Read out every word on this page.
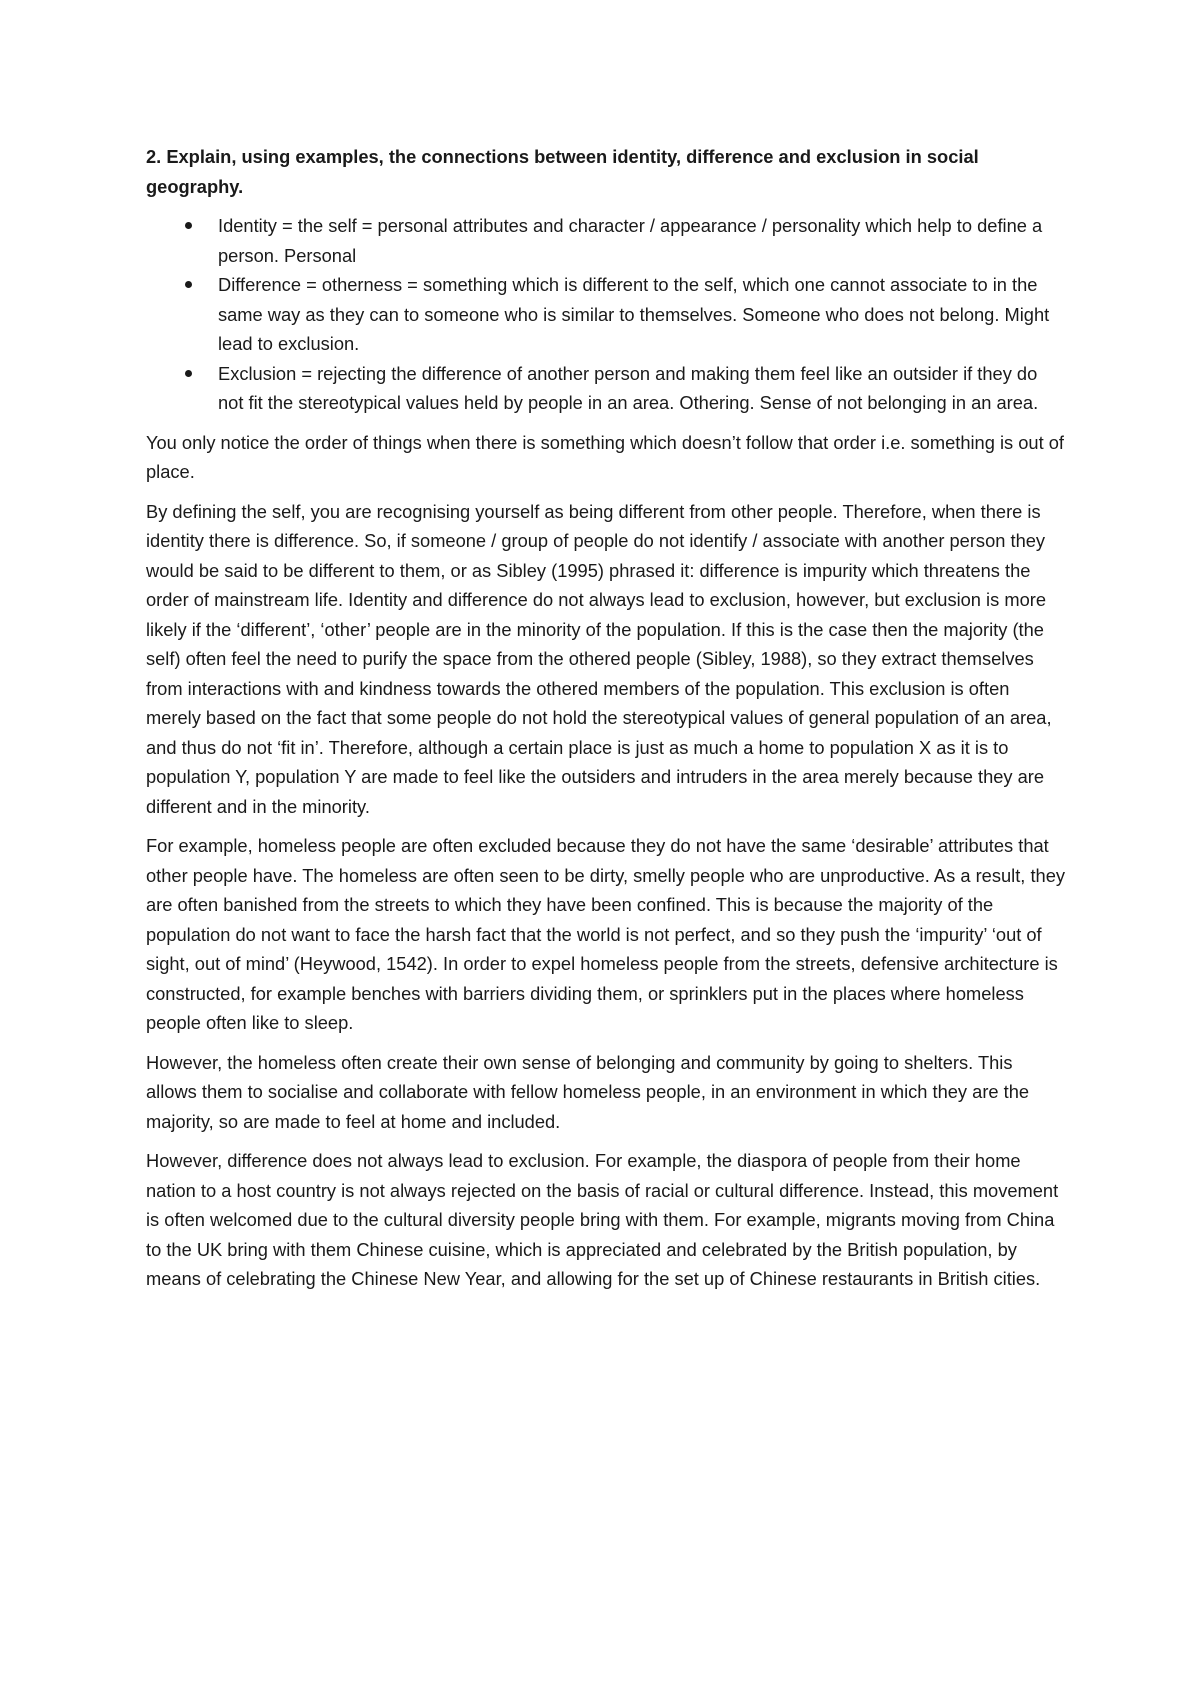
2. Explain, using examples, the connections between identity, difference and exclusion in social geography.

Identity = the self = personal attributes and character / appearance / personality which help to define a person. Personal
Difference = otherness = something which is different to the self, which one cannot associate to in the same way as they can to someone who is similar to themselves. Someone who does not belong. Might lead to exclusion.
Exclusion = rejecting the difference of another person and making them feel like an outsider if they do not fit the stereotypical values held by people in an area. Othering. Sense of not belonging in an area.

You only notice the order of things when there is something which doesn’t follow that order i.e. something is out of place.

By defining the self, you are recognising yourself as being different from other people. Therefore, when there is identity there is difference. So, if someone / group of people do not identify / associate with another person they would be said to be different to them, or as Sibley (1995) phrased it: difference is impurity which threatens the order of mainstream life. Identity and difference do not always lead to exclusion, however, but exclusion is more likely if the ‘different’, ‘other’ people are in the minority of the population. If this is the case then the majority (the self) often feel the need to purify the space from the othered people (Sibley, 1988), so they extract themselves from interactions with and kindness towards the othered members of the population. This exclusion is often merely based on the fact that some people do not hold the stereotypical values of general population of an area, and thus do not ‘fit in’. Therefore, although a certain place is just as much a home to population X as it is to population Y, population Y are made to feel like the outsiders and intruders in the area merely because they are different and in the minority.

For example, homeless people are often excluded because they do not have the same ‘desirable’ attributes that other people have. The homeless are often seen to be dirty, smelly people who are unproductive. As a result, they are often banished from the streets to which they have been confined. This is because the majority of the population do not want to face the harsh fact that the world is not perfect, and so they push the ‘impurity’ ‘out of sight, out of mind’ (Heywood, 1542). In order to expel homeless people from the streets, defensive architecture is constructed, for example benches with barriers dividing them, or sprinklers put in the places where homeless people often like to sleep.

However, the homeless often create their own sense of belonging and community by going to shelters. This allows them to socialise and collaborate with fellow homeless people, in an environment in which they are the majority, so are made to feel at home and included.

However, difference does not always lead to exclusion. For example, the diaspora of people from their home nation to a host country is not always rejected on the basis of racial or cultural difference. Instead, this movement is often welcomed due to the cultural diversity people bring with them. For example, migrants moving from China to the UK bring with them Chinese cuisine, which is appreciated and celebrated by the British population, by means of celebrating the Chinese New Year, and allowing for the set up of Chinese restaurants in British cities.
